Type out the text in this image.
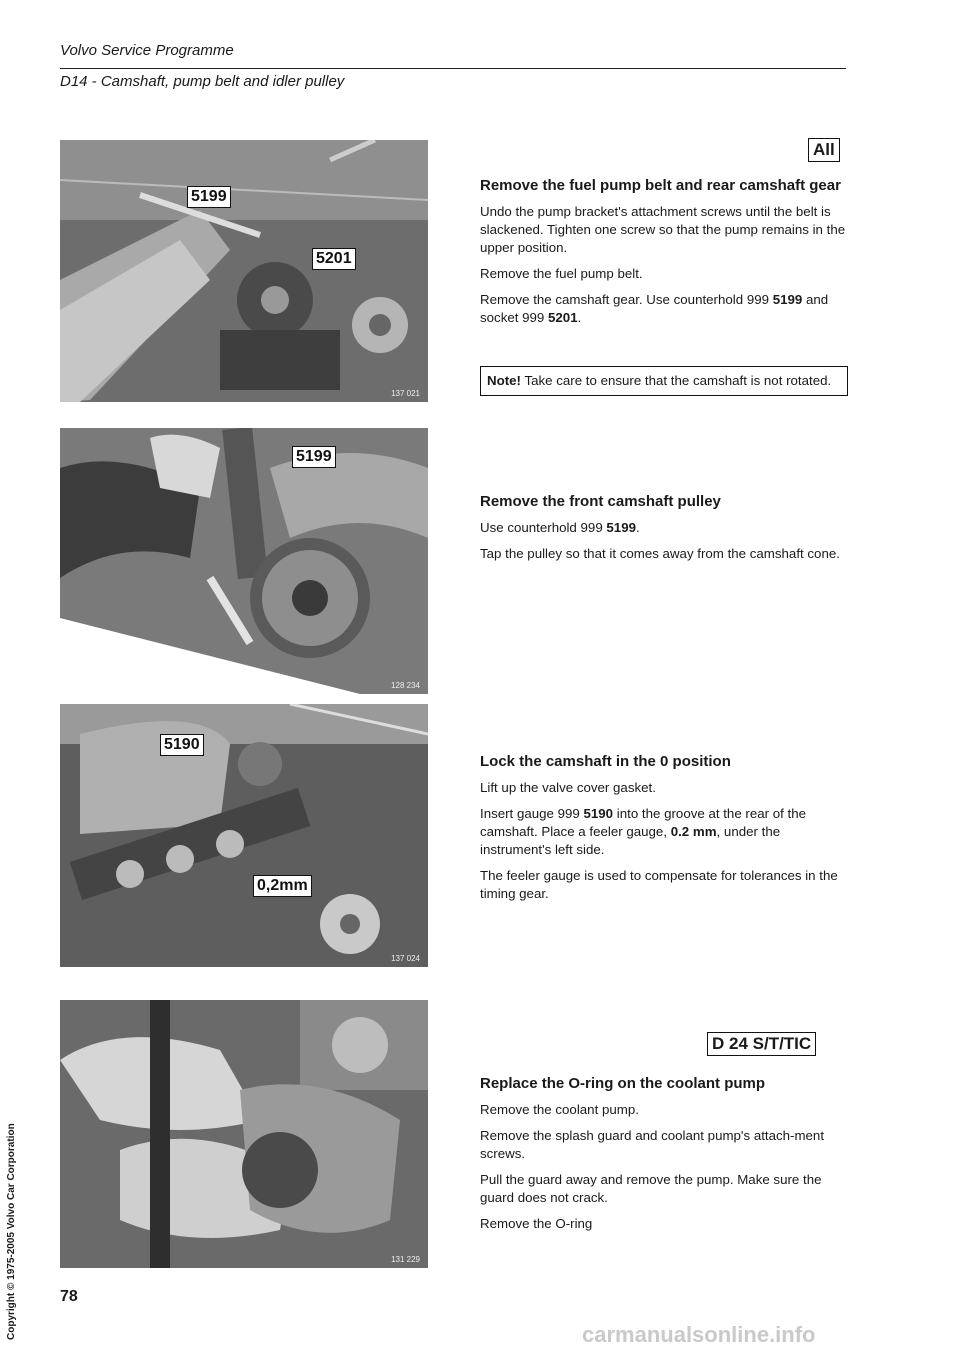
Volvo Service Programme
D14 - Camshaft, pump belt and idler pulley
5199
5201
137 021
5199
128 234
5190
0,2mm
137 024
131 229
All
Remove the fuel pump belt and rear camshaft gear

Undo the pump bracket's attachment screws until the belt is slackened. Tighten one screw so that the pump remains in the upper position.

Remove the fuel pump belt.

Remove the camshaft gear. Use counterhold 999 5199 and socket 999 5201.

Note! Take care to ensure that the camshaft is not rotated.
Remove the front camshaft pulley

Use counterhold 999 5199.

Tap the pulley so that it comes away from the camshaft cone.

Lock the camshaft in the 0 position

Lift up the valve cover gasket.

Insert gauge 999 5190 into the groove at the rear of the camshaft. Place a feeler gauge, 0.2 mm, under the instrument's left side.

The feeler gauge is used to compensate for tolerances in the timing gear.

D 24 S/T/TIC
Replace the O-ring on the coolant pump

Remove the coolant pump.

Remove the splash guard and coolant pump's attach-ment screws.

Pull the guard away and remove the pump. Make sure the guard does not crack.

Remove the O-ring

78
Copyright © 1975-2005 Volvo Car Corporation	carmanualsonline.info
